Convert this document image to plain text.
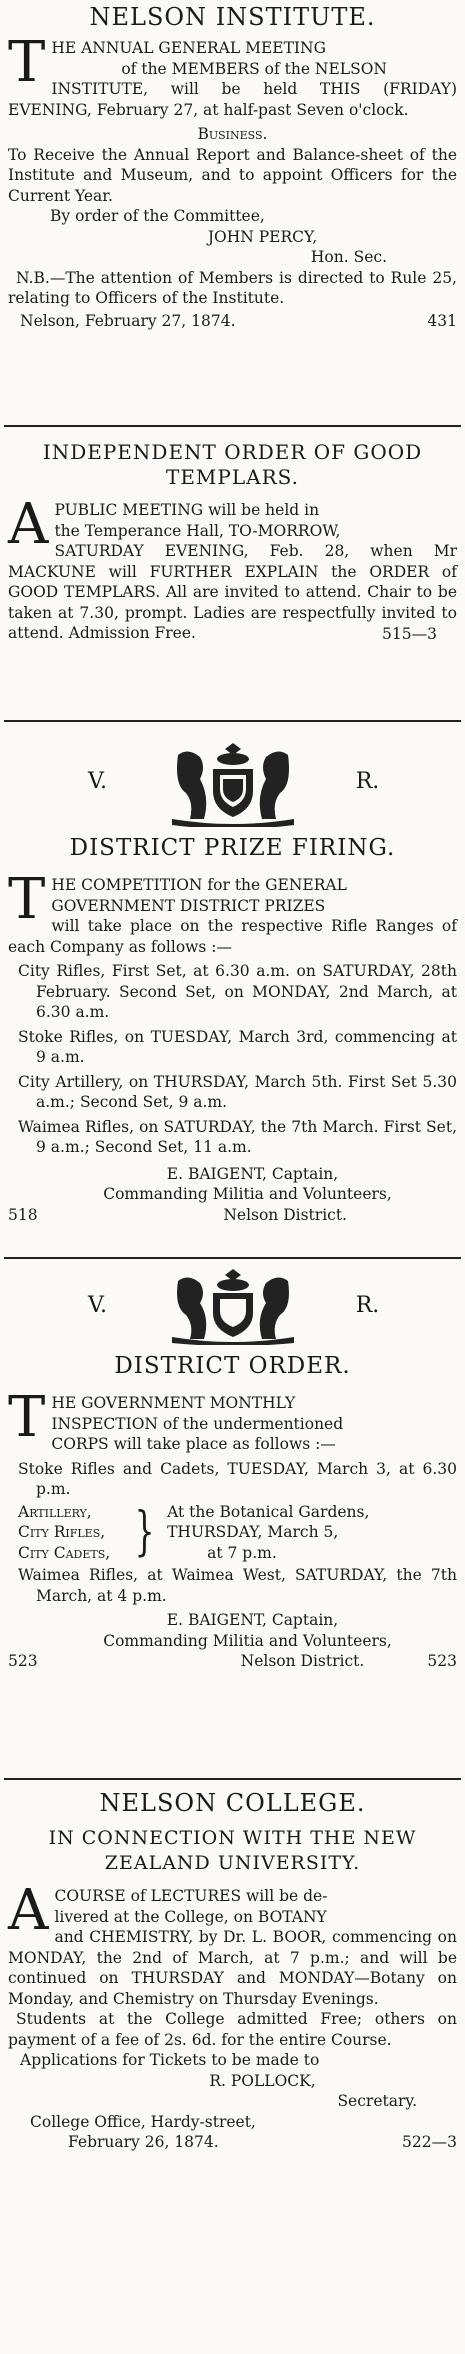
NELSON INSTITUTE.
T HE ANNUAL GENERAL MEETING
of the MEMBERS of the NELSON
INSTITUTE, will be held THIS (FRIDAY) EVENING, February 27, at half-past Seven o'clock.
Business.
To Receive the Annual Report and Balance-sheet of the Institute and Museum, and to appoint Officers for the Current Year.
By order of the Committee,
JOHN PERCY,
Hon. Sec.
N.B.—The attention of Members is directed to Rule 25, relating to Officers of the Institute.
Nelson, February 27, 1874.	431
INDEPENDENT ORDER OF GOOD
TEMPLARS.
A PUBLIC MEETING will be held in
the Temperance Hall, TO-MORROW,
SATURDAY EVENING, Feb. 28, when Mr MACKUNE will FURTHER EXPLAIN the ORDER of GOOD TEMPLARS. All are invited to attend. Chair to be taken at 7.30, prompt. Ladies are respectfully invited to attend. Admission Free.	515—3
V.	R.
DISTRICT PRIZE FIRING.
T HE COMPETITION for the GENERAL
GOVERNMENT DISTRICT PRIZES
will take place on the respective Rifle Ranges of each Company as follows :—
City Rifles, First Set, at 6.30 a.m. on SATURDAY, 28th February. Second Set, on MONDAY, 2nd March, at 6.30 a.m.
Stoke Rifles, on TUESDAY, March 3rd, commencing at 9 a.m.
City Artillery, on THURSDAY, March 5th. First Set 5.30 a.m.; Second Set, 9 a.m.
Waimea Rifles, on SATURDAY, the 7th March. First Set, 9 a.m.; Second Set, 11 a.m.
E. BAIGENT, Captain,
Commanding Militia and Volunteers,
518	Nelson District.
V.	R.
DISTRICT ORDER.
T HE GOVERNMENT MONTHLY
INSPECTION of the undermentioned
CORPS will take place as follows :—
Stoke Rifles and Cadets, TUESDAY, March 3, at 6.30 p.m.
Artillery,
City Rifles,
City Cadets, } At the Botanical Gardens,
THURSDAY, March 5,
at 7 p.m.
Waimea Rifles, at Waimea West, SATURDAY, the 7th March, at 4 p.m.
E. BAIGENT, Captain,
Commanding Militia and Volunteers,
523	Nelson District.	523
NELSON COLLEGE.
IN CONNECTION WITH THE NEW
ZEALAND UNIVERSITY.
A COURSE of LECTURES will be de-
livered at the College, on BOTANY
and CHEMISTRY, by Dr. L. BOOR, commencing on MONDAY, the 2nd of March, at 7 p.m.; and will be continued on THURSDAY and MONDAY—Botany on Monday, and Chemistry on Thursday Evenings.
Students at the College admitted Free; others on payment of a fee of 2s. 6d. for the entire Course.
Applications for Tickets to be made to
R. POLLOCK,
Secretary.
College Office, Hardy-street,
February 26, 1874.	522—3
